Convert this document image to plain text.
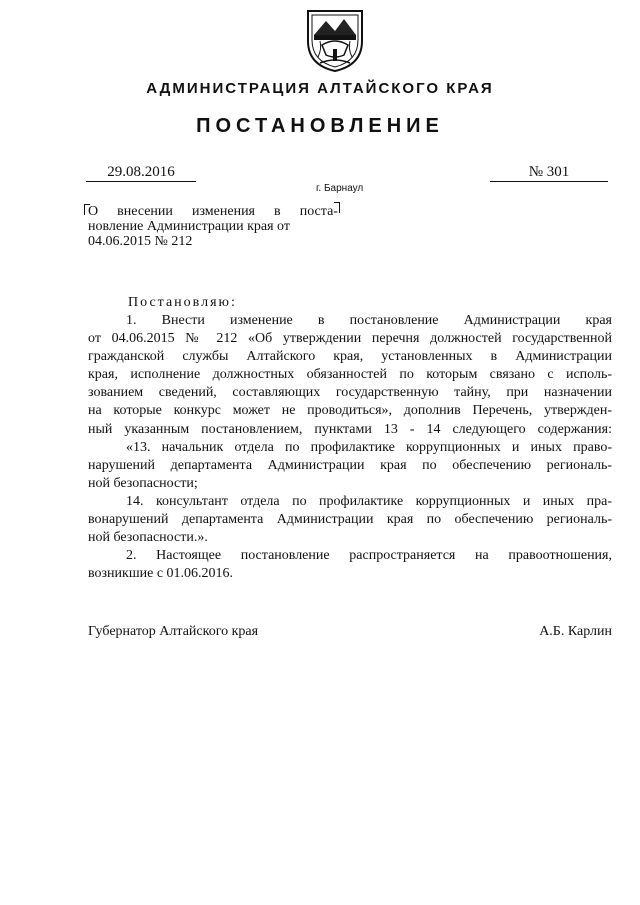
АДМИНИСТРАЦИЯ АЛТАЙСКОГО КРАЯ
ПОСТАНОВЛЕНИЕ
29.08.2016	№ 301
г. Барнаул
О внесении изменения в поста-
новление Администрации края от
04.06.2015 № 212
Постановляю:

1. Внести изменение в постановление Администрации края

от 04.06.2015 № 212 «Об утверждении перечня должностей государственной

гражданской службы Алтайского края, установленных в Администрации

края, исполнение должностных обязанностей по которым связано с исполь-

зованием сведений, составляющих государственную тайну, при назначении

на которые конкурс может не проводиться», дополнив Перечень, утвержден-

ный указанным постановлением, пунктами 13 - 14 следующего содержания:

«13. начальник отдела по профилактике коррупционных и иных право-

нарушений департамента Администрации края по обеспечению региональ-

ной безопасности;

14. консультант отдела по профилактике коррупционных и иных пра-

вонарушений департамента Администрации края по обеспечению региональ-

ной безопасности.».

2. Настоящее постановление распространяется на правоотношения,

возникшие с 01.06.2016.

Губернатор Алтайского края	А.Б. Карлин
